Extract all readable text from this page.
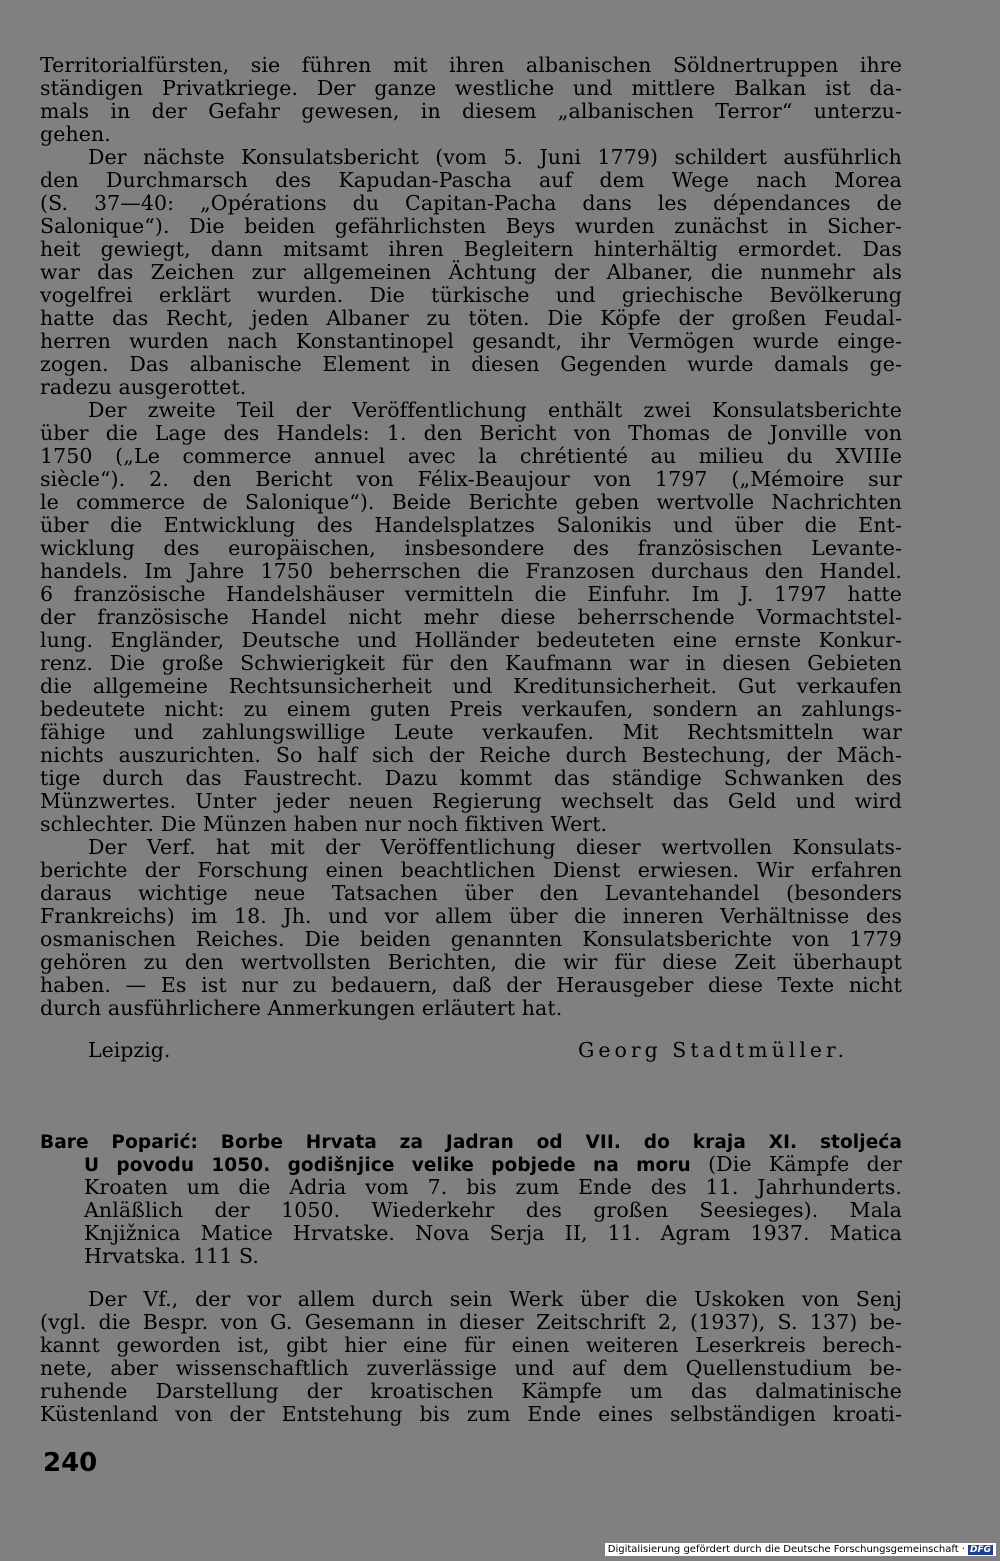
Territorialfürsten, sie führen mit ihren albanischen Söldnertruppen ihre
ständigen Privatkriege. Der ganze westliche und mittlere Balkan ist da-
mals in der Gefahr gewesen, in diesem „albanischen Terror“ unterzu-
gehen.
Der nächste Konsulatsbericht (vom 5. Juni 1779) schildert ausführlich
den Durchmarsch des Kapudan-Pascha auf dem Wege nach Morea
(S. 37—40: „Opérations du Capitan-Pacha dans les dépendances de
Salonique“). Die beiden gefährlichsten Beys wurden zunächst in Sicher-
heit gewiegt, dann mitsamt ihren Begleitern hinterhältig ermordet. Das
war das Zeichen zur allgemeinen Ächtung der Albaner, die nunmehr als
vogelfrei erklärt wurden. Die türkische und griechische Bevölkerung
hatte das Recht, jeden Albaner zu töten. Die Köpfe der großen Feudal-
herren wurden nach Konstantinopel gesandt, ihr Vermögen wurde einge-
zogen. Das albanische Element in diesen Gegenden wurde damals ge-
radezu ausgerottet.
Der zweite Teil der Veröffentlichung enthält zwei Konsulatsberichte
über die Lage des Handels: 1. den Bericht von Thomas de Jonville von
1750 („Le commerce annuel avec la chrétienté au milieu du XVIIIe
siècle“). 2. den Bericht von Félix-Beaujour von 1797 („Mémoire sur
le commerce de Salonique“). Beide Berichte geben wertvolle Nachrichten
über die Entwicklung des Handelsplatzes Salonikis und über die Ent-
wicklung des europäischen, insbesondere des französischen Levante-
handels. Im Jahre 1750 beherrschen die Franzosen durchaus den Handel.
6 französische Handelshäuser vermitteln die Einfuhr. Im J. 1797 hatte
der französische Handel nicht mehr diese beherrschende Vormachtstel-
lung. Engländer, Deutsche und Holländer bedeuteten eine ernste Konkur-
renz. Die große Schwierigkeit für den Kaufmann war in diesen Gebieten
die allgemeine Rechtsunsicherheit und Kreditunsicherheit. Gut verkaufen
bedeutete nicht: zu einem guten Preis verkaufen, sondern an zahlungs-
fähige und zahlungswillige Leute verkaufen. Mit Rechtsmitteln war
nichts auszurichten. So half sich der Reiche durch Bestechung, der Mäch-
tige durch das Faustrecht. Dazu kommt das ständige Schwanken des
Münzwertes. Unter jeder neuen Regierung wechselt das Geld und wird
schlechter. Die Münzen haben nur noch fiktiven Wert.
Der Verf. hat mit der Veröffentlichung dieser wertvollen Konsulats-
berichte der Forschung einen beachtlichen Dienst erwiesen. Wir erfahren
daraus wichtige neue Tatsachen über den Levantehandel (besonders
Frankreichs) im 18. Jh. und vor allem über die inneren Verhältnisse des
osmanischen Reiches. Die beiden genannten Konsulatsberichte von 1779
gehören zu den wertvollsten Berichten, die wir für diese Zeit überhaupt
haben. — Es ist nur zu bedauern, daß der Herausgeber diese Texte nicht
durch ausführlichere Anmerkungen erläutert hat.
Leipzig.	Georg Stadtmüller.
Bare Poparić: Borbe Hrvata za Jadran od VII. do kraja XI. stoljeća
U povodu 1050. godišnjice velike pobjede na moru (Die Kämpfe der
Kroaten um die Adria vom 7. bis zum Ende des 11. Jahrhunderts.
Anläßlich der 1050. Wiederkehr des großen Seesieges). Mala
Knjižnica Matice Hrvatske. Nova Serja II, 11. Agram 1937. Matica
Hrvatska. 111 S.
Der Vf., der vor allem durch sein Werk über die Uskoken von Senj
(vgl. die Bespr. von G. Gesemann in dieser Zeitschrift 2, (1937), S. 137) be-
kannt geworden ist, gibt hier eine für einen weiteren Leserkreis berech-
nete, aber wissenschaftlich zuverlässige und auf dem Quellenstudium be-
ruhende Darstellung der kroatischen Kämpfe um das dalmatinische
Küstenland von der Entstehung bis zum Ende eines selbständigen kroati-
240
Digitalisierung gefördert durch die Deutsche Forschungsgemeinschaft · DFG
